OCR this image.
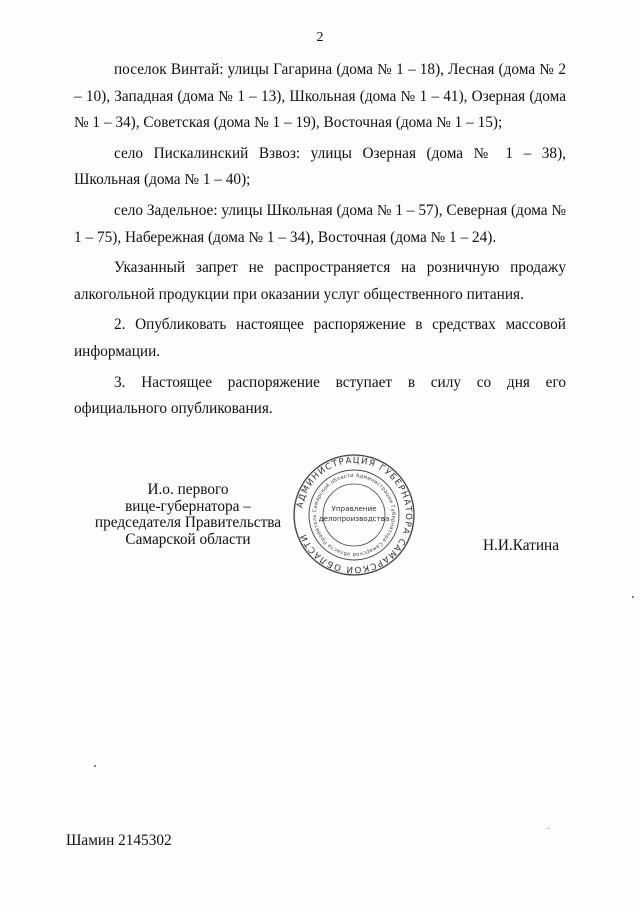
2

поселок Винтай: улицы Гагарина (дома № 1 – 18), Лесная (дома № 2 – 10), Западная (дома № 1 – 13), Школьная (дома № 1 – 41), Озерная (дома № 1 – 34), Советская (дома № 1 – 19), Восточная (дома № 1 – 15);

село Пискалинский Взвоз: улицы Озерная (дома № 1 – 38), Школьная (дома № 1 – 40);

село Задельное: улицы Школьная (дома № 1 – 57), Северная (дома № 1 – 75), Набережная (дома № 1 – 34), Восточная (дома № 1 – 24).

Указанный запрет не распространяется на розничную продажу алкогольной продукции при оказании услуг общественного питания.

2. Опубликовать настоящее распоряжение в средствах массовой информации.

3. Настоящее распоряжение вступает в силу со дня его официального опубликования.

И.о. первого
вице-губернатора –
председателя Правительства
Самарской области
АДМИНИСТРАЦИЯ ГУБЕРНАТОРА САМАРСКОЙ ОБЛАСТИ
Самарской области Администрации Губернатора Самарской области Правитель
Управление
делопроизводства
Н.И.Катина
Шамин 2145302
